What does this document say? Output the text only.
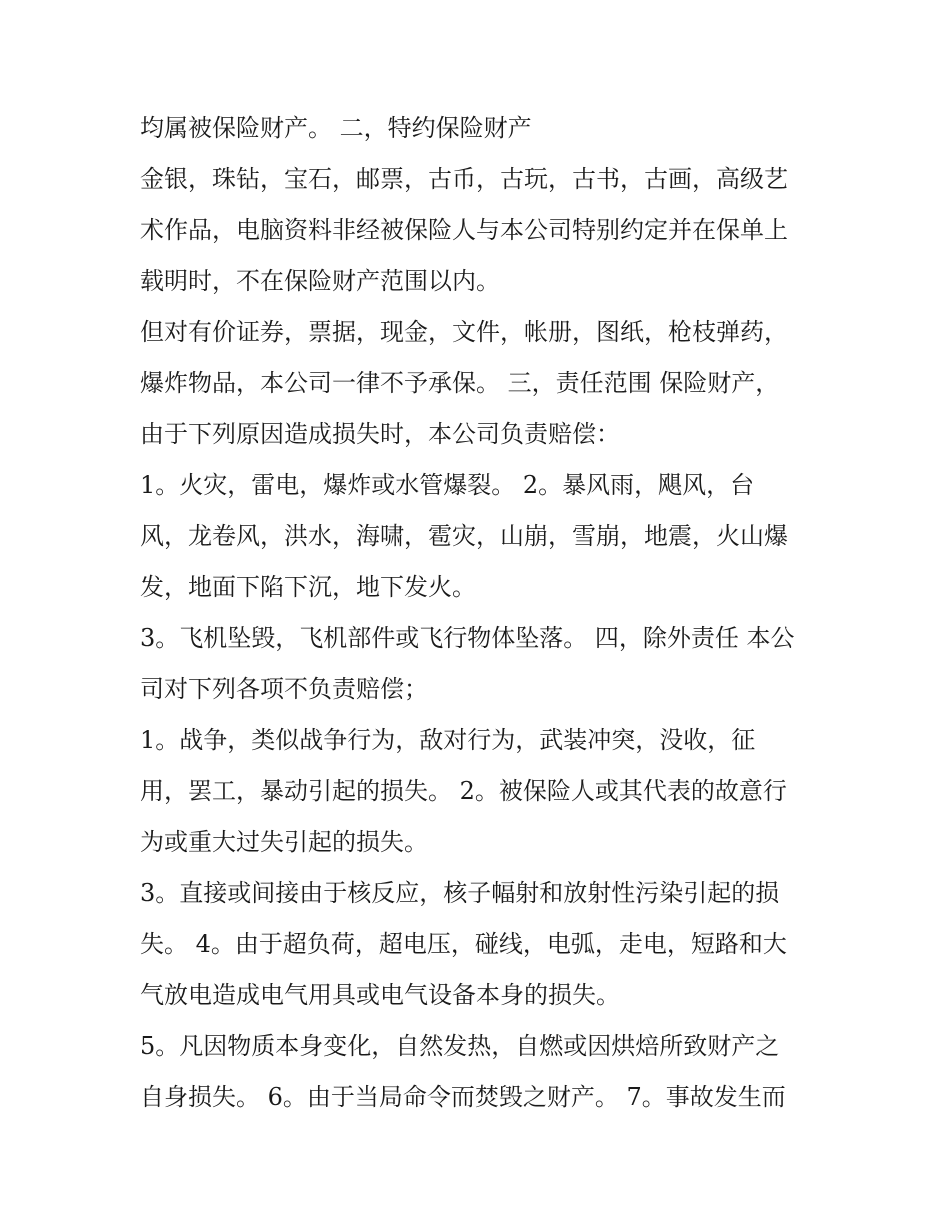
均属被保险财产。 二，特约保险财产
金银，珠钻，宝石，邮票，古币，古玩，古书，古画，高级艺
术作品，电脑资料非经被保险人与本公司特别约定并在保单上
载明时，不在保险财产范围以内。
但对有价证券，票据，现金，文件，帐册，图纸，枪枝弹药，
爆炸物品，本公司一律不予承保。 三，责任范围 保险财产，
由于下列原因造成损失时，本公司负责赔偿：
1。火灾，雷电，爆炸或水管爆裂。 2。暴风雨，飓风，台
风，龙卷风，洪水，海啸，雹灾，山崩，雪崩，地震，火山爆
发，地面下陷下沉，地下发火。
3。飞机坠毁，飞机部件或飞行物体坠落。 四，除外责任 本公
司对下列各项不负责赔偿；
1。战争，类似战争行为，敌对行为，武装冲突，没收，征
用，罢工，暴动引起的损失。 2。被保险人或其代表的故意行
为或重大过失引起的损失。
3。直接或间接由于核反应，核子幅射和放射性污染引起的损
失。 4。由于超负荷，超电压，碰线，电弧，走电，短路和大
气放电造成电气用具或电气设备本身的损失。
5。凡因物质本身变化，自然发热，自燃或因烘焙所致财产之
自身损失。 6。由于当局命令而焚毁之财产。 7。事故发生而
